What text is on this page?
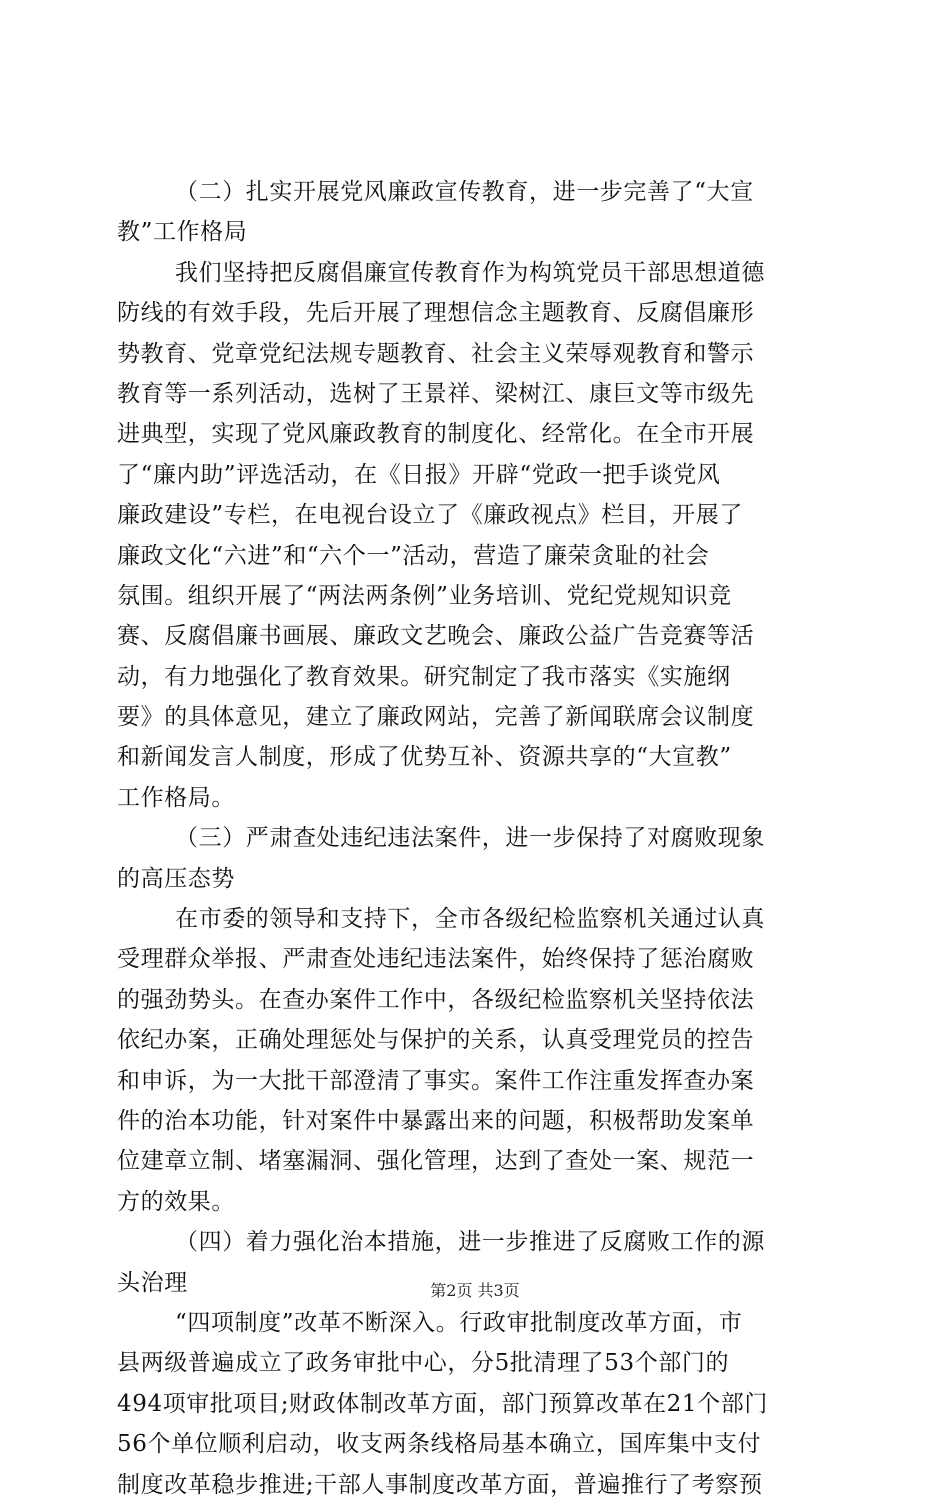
（二）扎实开展党风廉政宣传教育，进一步完善了“大宣
教”工作格局
我们坚持把反腐倡廉宣传教育作为构筑党员干部思想道德
防线的有效手段，先后开展了理想信念主题教育、反腐倡廉形
势教育、党章党纪法规专题教育、社会主义荣辱观教育和警示
教育等一系列活动，选树了王景祥、梁树江、康巨文等市级先
进典型，实现了党风廉政教育的制度化、经常化。在全市开展
了“廉内助”评选活动，在《日报》开辟“党政一把手谈党风
廉政建设”专栏，在电视台设立了《廉政视点》栏目，开展了
廉政文化“六进”和“六个一”活动，营造了廉荣贪耻的社会
氛围。组织开展了“两法两条例”业务培训、党纪党规知识竞
赛、反腐倡廉书画展、廉政文艺晚会、廉政公益广告竞赛等活
动，有力地强化了教育效果。研究制定了我市落实《实施纲
要》的具体意见，建立了廉政网站，完善了新闻联席会议制度
和新闻发言人制度，形成了优势互补、资源共享的“大宣教”
工作格局。
（三）严肃查处违纪违法案件，进一步保持了对腐败现象
的高压态势
在市委的领导和支持下，全市各级纪检监察机关通过认真
受理群众举报、严肃查处违纪违法案件，始终保持了惩治腐败
的强劲势头。在查办案件工作中，各级纪检监察机关坚持依法
依纪办案，正确处理惩处与保护的关系，认真受理党员的控告
和申诉，为一大批干部澄清了事实。案件工作注重发挥查办案
件的治本功能，针对案件中暴露出来的问题，积极帮助发案单
位建章立制、堵塞漏洞、强化管理，达到了查处一案、规范一
方的效果。
（四）着力强化治本措施，进一步推进了反腐败工作的源
头治理
“四项制度”改革不断深入。行政审批制度改革方面，市
县两级普遍成立了政务审批中心，分5批清理了53个部门的
494项审批项目;财政体制改革方面，部门预算改革在21个部门
56个单位顺利启动，收支两条线格局基本确立，国库集中支付
制度改革稳步推进;干部人事制度改革方面，普遍推行了考察预
第2页 共3页
